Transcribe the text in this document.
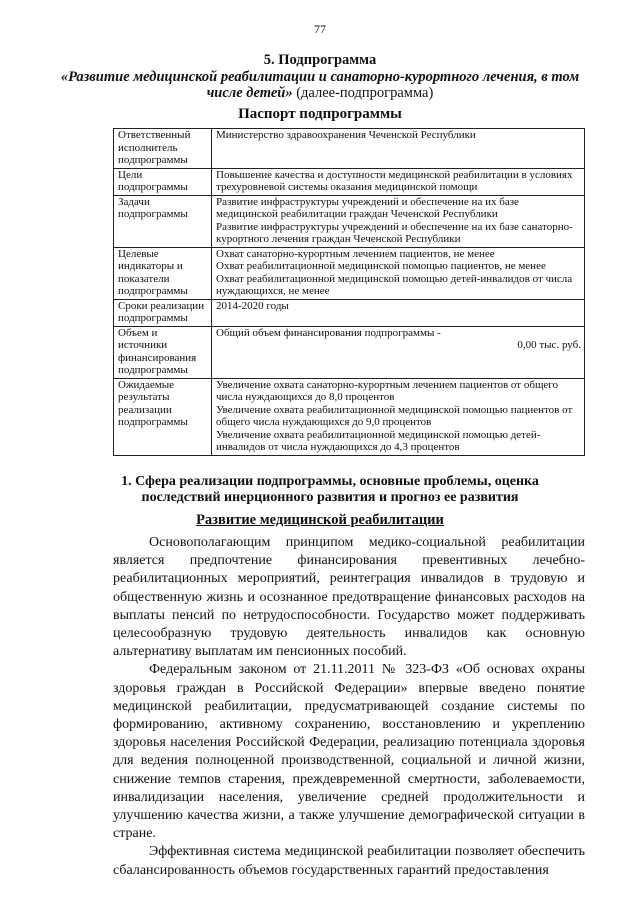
77
5. Подпрограмма
«Развитие медицинской реабилитации и санаторно-курортного лечения, в том числе детей» (далее-подпрограмма)
Паспорт подпрограммы
Ответственный исполнитель подпрограммы	Министерство здравоохранения Чеченской Республики
Цели подпрограммы	Повышение качества и доступности медицинской реабилитации в условиях трехуровневой системы оказания медицинской помощи
Задачи подпрограммы	Развитие инфраструктуры учреждений и обеспечение на их базе медицинской реабилитации граждан Чеченской Республики
Развитие инфраструктуры учреждений и обеспечение на их базе санаторно-курортного лечения граждан Чеченской Республики

Целевые индикаторы и показатели подпрограммы	Охват санаторно-курортным лечением пациентов, не менее
Охват реабилитационной медицинской помощью пациентов, не менее
Охват реабилитационной медицинской помощью детей-инвалидов от числа нуждающихся, не менее

Сроки реализации подпрограммы	2014-2020 годы
Объем и источники финансирования подпрограммы	Общий объем финансирования подпрограммы -
0,00 тыс. руб.

Ожидаемые результаты реализации подпрограммы	Увеличение охвата санаторно-курортным лечением пациентов от общего числа нуждающихся до 8,0 процентов
Увеличение охвата реабилитационной медицинской помощью пациентов от общего числа нуждающихся до 9,0 процентов
Увеличение охвата реабилитационной медицинской помощью детей-инвалидов от числа нуждающихся до 4,3 процентов
1. Сфера реализации подпрограммы, основные проблемы, оценка последствий инерционного развития и прогноз ее развития
Развитие медицинской реабилитации

Основополагающим принципом медико-социальной реабилитации является предпочтение финансирования превентивных лечебно-реабилитационных мероприятий, реинтеграция инвалидов в трудовую и общественную жизнь и осознанное предотвращение финансовых расходов на выплаты пенсий по нетрудоспособности. Государство может поддерживать целесообразную трудовую деятельность инвалидов как основную альтернативу выплатам им пенсионных пособий.

Федеральным законом от 21.11.2011 № 323-ФЗ «Об основах охраны здоровья граждан в Российской Федерации» впервые введено понятие медицинской реабилитации, предусматривающей создание системы по формированию, активному сохранению, восстановлению и укреплению здоровья населения Российской Федерации, реализацию потенциала здоровья для ведения полноценной производственной, социальной и личной жизни, снижение темпов старения, преждевременной смертности, заболеваемости, инвалидизации населения, увеличение средней продолжительности и улучшению качества жизни, а также улучшение демографической ситуации в стране.

Эффективная система медицинской реабилитации позволяет обеспечить сбалансированность объемов государственных гарантий предоставления
